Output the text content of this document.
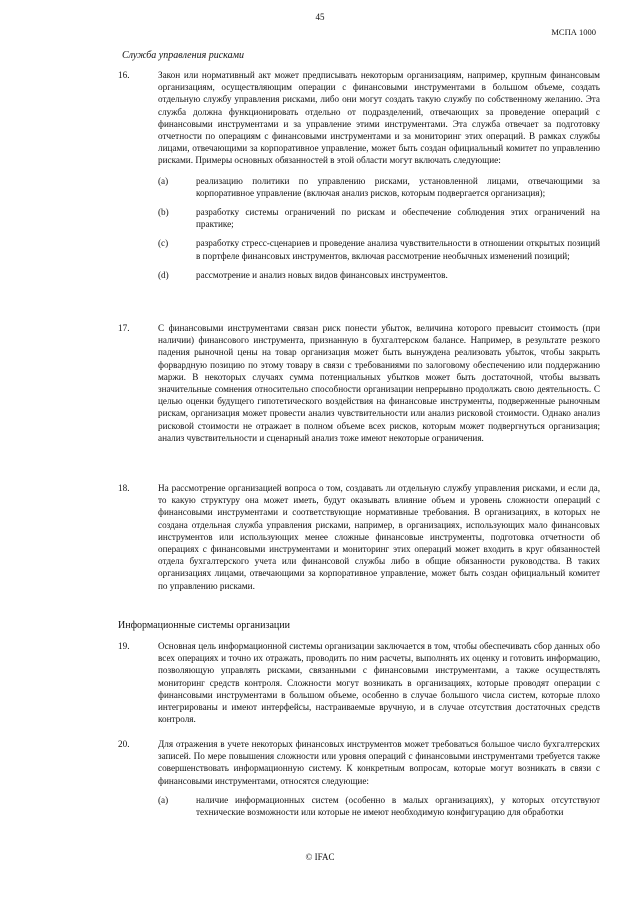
45
МСПА 1000
Служба управления рисками
16.	Закон или нормативный акт может предписывать некоторым организациям, например, крупным финансовым организациям, осуществляющим операции с финансовыми инструментами в большом объеме, создать отдельную службу управления рисками, либо они могут создать такую службу по собственному желанию. Эта служба должна функционировать отдельно от подразделений, отвечающих за проведение операций с финансовыми инструментами и за управление этими инструментами. Эта служба отвечает за подготовку отчетности по операциям с финансовыми инструментами и за мониторинг этих операций. В рамках службы лицами, отвечающими за корпоративное управление, может быть создан официальный комитет по управлению рисками. Примеры основных обязанностей в этой области могут включать следующие:
(a)	реализацию политики по управлению рисками, установленной лицами, отвечающими за корпоративное управление (включая анализ рисков, которым подвергается организация);
(b)	разработку системы ограничений по рискам и обеспечение соблюдения этих ограничений на практике;
(c)	разработку стресс-сценариев и проведение анализа чувствительности в отношении открытых позиций в портфеле финансовых инструментов, включая рассмотрение необычных изменений позиций;
(d)	рассмотрение и анализ новых видов финансовых инструментов.
17.	С финансовыми инструментами связан риск понести убыток, величина которого превысит стоимость (при наличии) финансового инструмента, признанную в бухгалтерском балансе. Например, в результате резкого падения рыночной цены на товар организация может быть вынуждена реализовать убыток, чтобы закрыть форвардную позицию по этому товару в связи с требованиями по залоговому обеспечению или поддержанию маржи. В некоторых случаях сумма потенциальных убытков может быть достаточной, чтобы вызвать значительные сомнения относительно способности организации непрерывно продолжать свою деятельность. С целью оценки будущего гипотетического воздействия на финансовые инструменты, подверженные рыночным рискам, организация может провести анализ чувствительности или анализ рисковой стоимости. Однако анализ рисковой стоимости не отражает в полном объеме всех рисков, которым может подвергнуться организация; анализ чувствительности и сценарный анализ тоже имеют некоторые ограничения.
18.	На рассмотрение организацией вопроса о том, создавать ли отдельную службу управления рисками, и если да, то какую структуру она может иметь, будут оказывать влияние объем и уровень сложности операций с финансовыми инструментами и соответствующие нормативные требования. В организациях, в которых не создана отдельная служба управления рисками, например, в организациях, использующих мало финансовых инструментов или использующих менее сложные финансовые инструменты, подготовка отчетности об операциях с финансовыми инструментами и мониторинг этих операций может входить в круг обязанностей отдела бухгалтерского учета или финансовой службы либо в общие обязанности руководства. В таких организациях лицами, отвечающими за корпоративное управление, может быть создан официальный комитет по управлению рисками.
Информационные системы организации
19.	Основная цель информационной системы организации заключается в том, чтобы обеспечивать сбор данных обо всех операциях и точно их отражать, проводить по ним расчеты, выполнять их оценку и готовить информацию, позволяющую управлять рисками, связанными с финансовыми инструментами, а также осуществлять мониторинг средств контроля. Сложности могут возникать в организациях, которые проводят операции с финансовыми инструментами в большом объеме, особенно в случае большого числа систем, которые плохо интегрированы и имеют интерфейсы, настраиваемые вручную, и в случае отсутствия достаточных средств контроля.
20.	Для отражения в учете некоторых финансовых инструментов может требоваться большое число бухгалтерских записей. По мере повышения сложности или уровня операций с финансовыми инструментами требуется также совершенствовать информационную систему. К конкретным вопросам, которые могут возникать в связи с финансовыми инструментами, относятся следующие:
(a)	наличие информационных систем (особенно в малых организациях), у которых отсутствуют технические возможности или которые не имеют необходимую конфигурацию для обработки
© IFAC
